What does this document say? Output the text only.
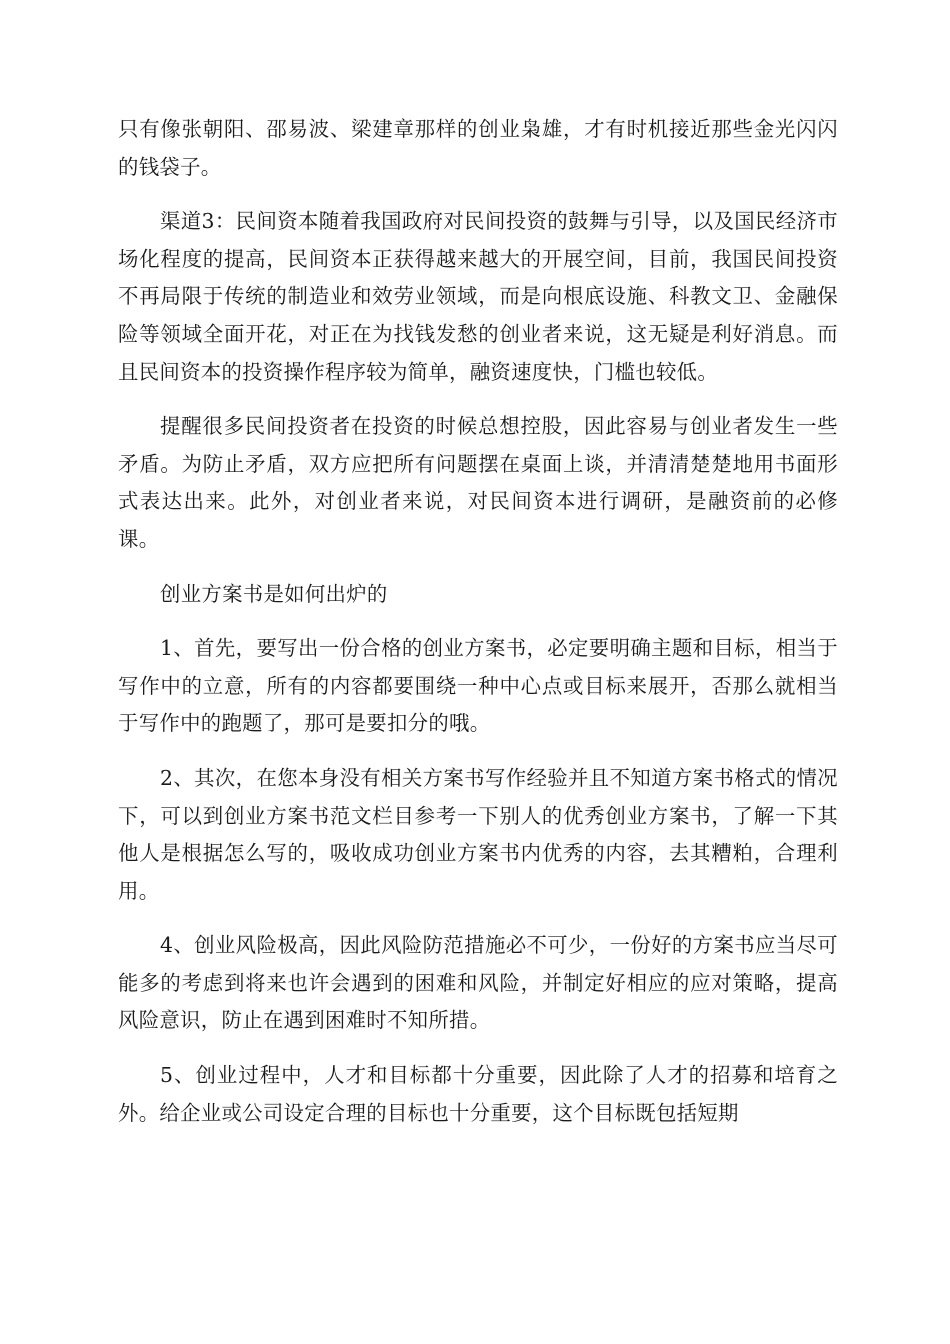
只有像张朝阳、邵易波、梁建章那样的创业枭雄，才有时机接近那些金光闪闪的钱袋子。

渠道3：民间资本随着我国政府对民间投资的鼓舞与引导，以及国民经济市场化程度的提高，民间资本正获得越来越大的开展空间，目前，我国民间投资不再局限于传统的制造业和效劳业领域，而是向根底设施、科教文卫、金融保险等领域全面开花，对正在为找钱发愁的创业者来说，这无疑是利好消息。而且民间资本的投资操作程序较为简单，融资速度快，门槛也较低。

提醒很多民间投资者在投资的时候总想控股，因此容易与创业者发生一些矛盾。为防止矛盾，双方应把所有问题摆在桌面上谈，并清清楚楚地用书面形式表达出来。此外，对创业者来说，对民间资本进行调研，是融资前的必修课。

创业方案书是如何出炉的

1、首先，要写出一份合格的创业方案书，必定要明确主题和目标，相当于写作中的立意，所有的内容都要围绕一种中心点或目标来展开，否那么就相当于写作中的跑题了，那可是要扣分的哦。

2、其次，在您本身没有相关方案书写作经验并且不知道方案书格式的情况下，可以到创业方案书范文栏目参考一下别人的优秀创业方案书，了解一下其他人是根据怎么写的，吸收成功创业方案书内优秀的内容，去其糟粕，合理利用。

4、创业风险极高，因此风险防范措施必不可少，一份好的方案书应当尽可能多的考虑到将来也许会遇到的困难和风险，并制定好相应的应对策略，提高风险意识，防止在遇到困难时不知所措。

5、创业过程中，人才和目标都十分重要，因此除了人才的招募和培育之外。给企业或公司设定合理的目标也十分重要，这个目标既包括短期
